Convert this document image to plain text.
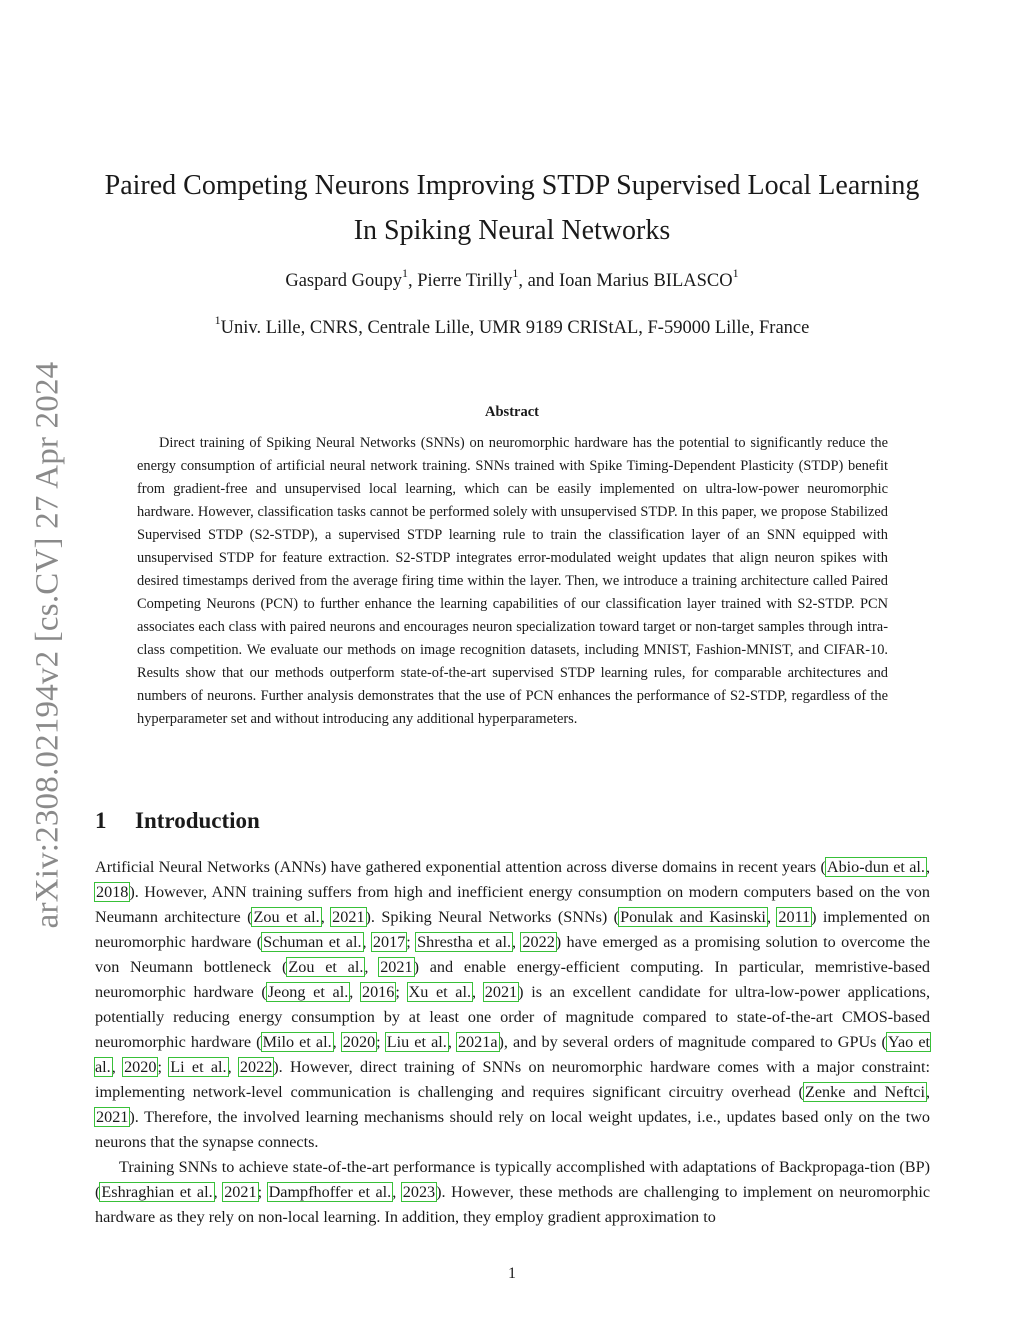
arXiv:2308.02194v2 [cs.CV] 27 Apr 2024
Paired Competing Neurons Improving STDP Supervised Local Learning
In Spiking Neural Networks
Gaspard Goupy$^1$, Pierre Tirilly$^1$, and Ioan Marius BILASCO$^1$
$^1$Univ. Lille, CNRS, Centrale Lille, UMR 9189 CRIStAL, F-59000 Lille, France
Abstract

Direct training of Spiking Neural Networks (SNNs) on neuromorphic hardware has the potential to significantly reduce the energy consumption of artificial neural network training. SNNs trained with Spike Timing-Dependent Plasticity (STDP) benefit from gradient-free and unsupervised local learning, which can be easily implemented on ultra-low-power neuromorphic hardware. However, classification tasks cannot be performed solely with unsupervised STDP. In this paper, we propose Stabilized Supervised STDP (S2-STDP), a supervised STDP learning rule to train the classification layer of an SNN equipped with unsupervised STDP for feature extraction. S2-STDP integrates error-modulated weight updates that align neuron spikes with desired timestamps derived from the average firing time within the layer. Then, we introduce a training architecture called Paired Competing Neurons (PCN) to further enhance the learning capabilities of our classification layer trained with S2-STDP. PCN associates each class with paired neurons and encourages neuron specialization toward target or non-target samples through intra-class competition. We evaluate our methods on image recognition datasets, including MNIST, Fashion-MNIST, and CIFAR-10. Results show that our methods outperform state-of-the-art supervised STDP learning rules, for comparable architectures and numbers of neurons. Further analysis demonstrates that the use of PCN enhances the performance of S2-STDP, regardless of the hyperparameter set and without introducing any additional hyperparameters.

1 Introduction

Artificial Neural Networks (ANNs) have gathered exponential attention across diverse domains in recent years (Abio-dun et al., 2018). However, ANN training suffers from high and inefficient energy consumption on modern computers based on the von Neumann architecture (Zou et al., 2021). Spiking Neural Networks (SNNs) (Ponulak and Kasinski, 2011) implemented on neuromorphic hardware (Schuman et al., 2017; Shrestha et al., 2022) have emerged as a promising solution to overcome the von Neumann bottleneck (Zou et al., 2021) and enable energy-efficient computing. In particular, memristive-based neuromorphic hardware (Jeong et al., 2016; Xu et al., 2021) is an excellent candidate for ultra-low-power applications, potentially reducing energy consumption by at least one order of magnitude compared to state-of-the-art CMOS-based neuromorphic hardware (Milo et al., 2020; Liu et al., 2021a), and by several orders of magnitude compared to GPUs (Yao et al., 2020; Li et al., 2022). However, direct training of SNNs on neuromorphic hardware comes with a major constraint: implementing network-level communication is challenging and requires significant circuitry overhead (Zenke and Neftci, 2021). Therefore, the involved learning mechanisms should rely on local weight updates, i.e., updates based only on the two neurons that the synapse connects.

Training SNNs to achieve state-of-the-art performance is typically accomplished with adaptations of Backpropaga-tion (BP) (Eshraghian et al., 2021; Dampfhoffer et al., 2023). However, these methods are challenging to implement on neuromorphic hardware as they rely on non-local learning. In addition, they employ gradient approximation to

1
